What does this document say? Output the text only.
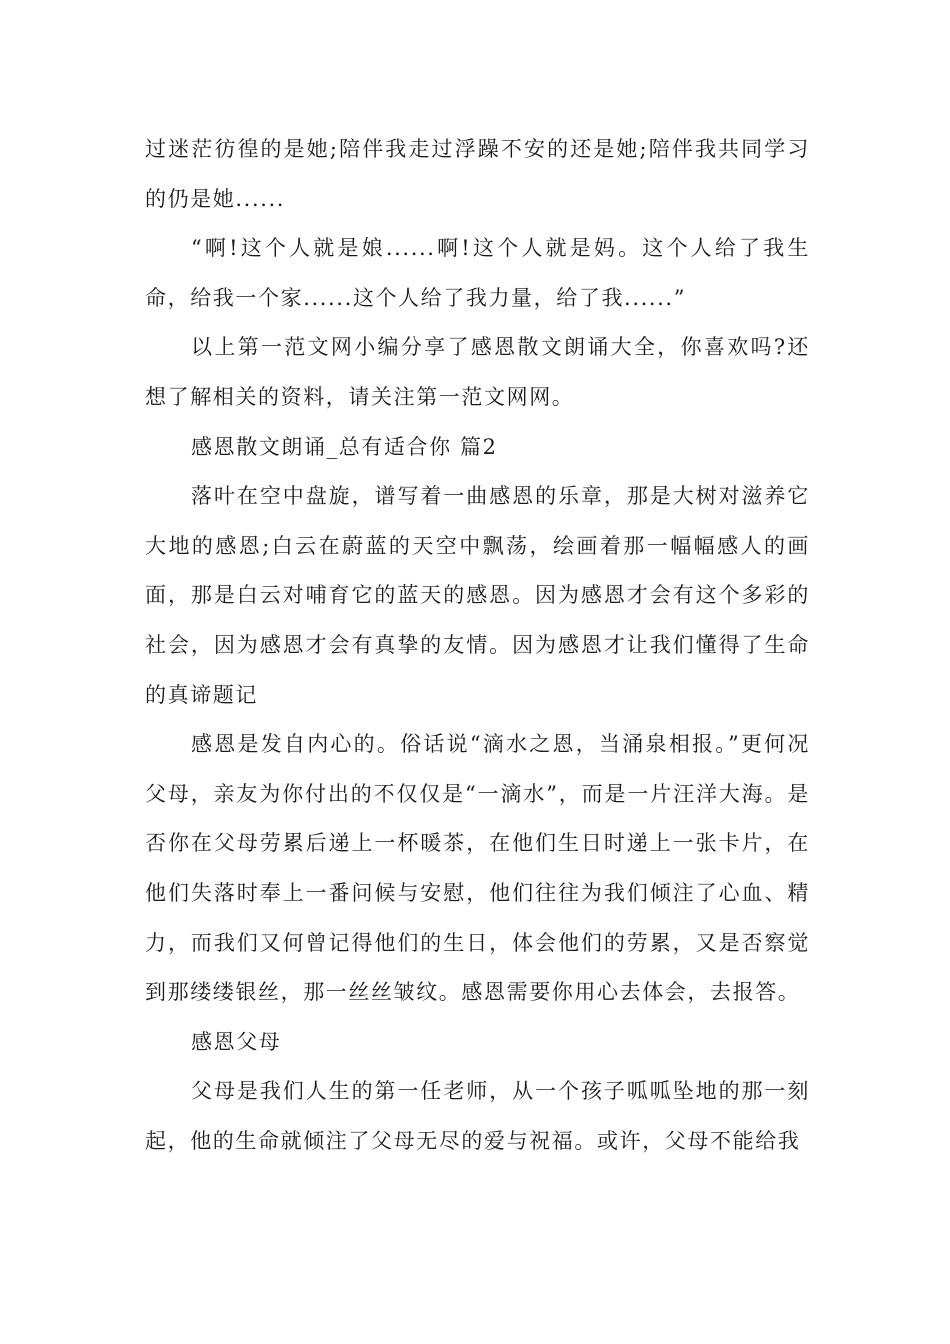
过迷茫彷徨的是她;陪伴我走过浮躁不安的还是她;陪伴我共同学习的仍是她......

“啊!这个人就是娘......啊!这个人就是妈。这个人给了我生命，给我一个家......这个人给了我力量，给了我......”

以上第一范文网小编分享了感恩散文朗诵大全，你喜欢吗?还想了解相关的资料，请关注第一范文网网。

感恩散文朗诵_总有适合你 篇2

落叶在空中盘旋，谱写着一曲感恩的乐章，那是大树对滋养它大地的感恩;白云在蔚蓝的天空中飘荡，绘画着那一幅幅感人的画面，那是白云对哺育它的蓝天的感恩。因为感恩才会有这个多彩的社会，因为感恩才会有真挚的友情。因为感恩才让我们懂得了生命的真谛题记

感恩是发自内心的。俗话说“滴水之恩，当涌泉相报。”更何况父母，亲友为你付出的不仅仅是“一滴水”，而是一片汪洋大海。是否你在父母劳累后递上一杯暖茶，在他们生日时递上一张卡片，在他们失落时奉上一番问候与安慰，他们往往为我们倾注了心血、精力，而我们又何曾记得他们的生日，体会他们的劳累，又是否察觉到那缕缕银丝，那一丝丝皱纹。感恩需要你用心去体会，去报答。

感恩父母

父母是我们人生的第一任老师，从一个孩子呱呱坠地的那一刻起，他的生命就倾注了父母无尽的爱与祝福。或许，父母不能给我
